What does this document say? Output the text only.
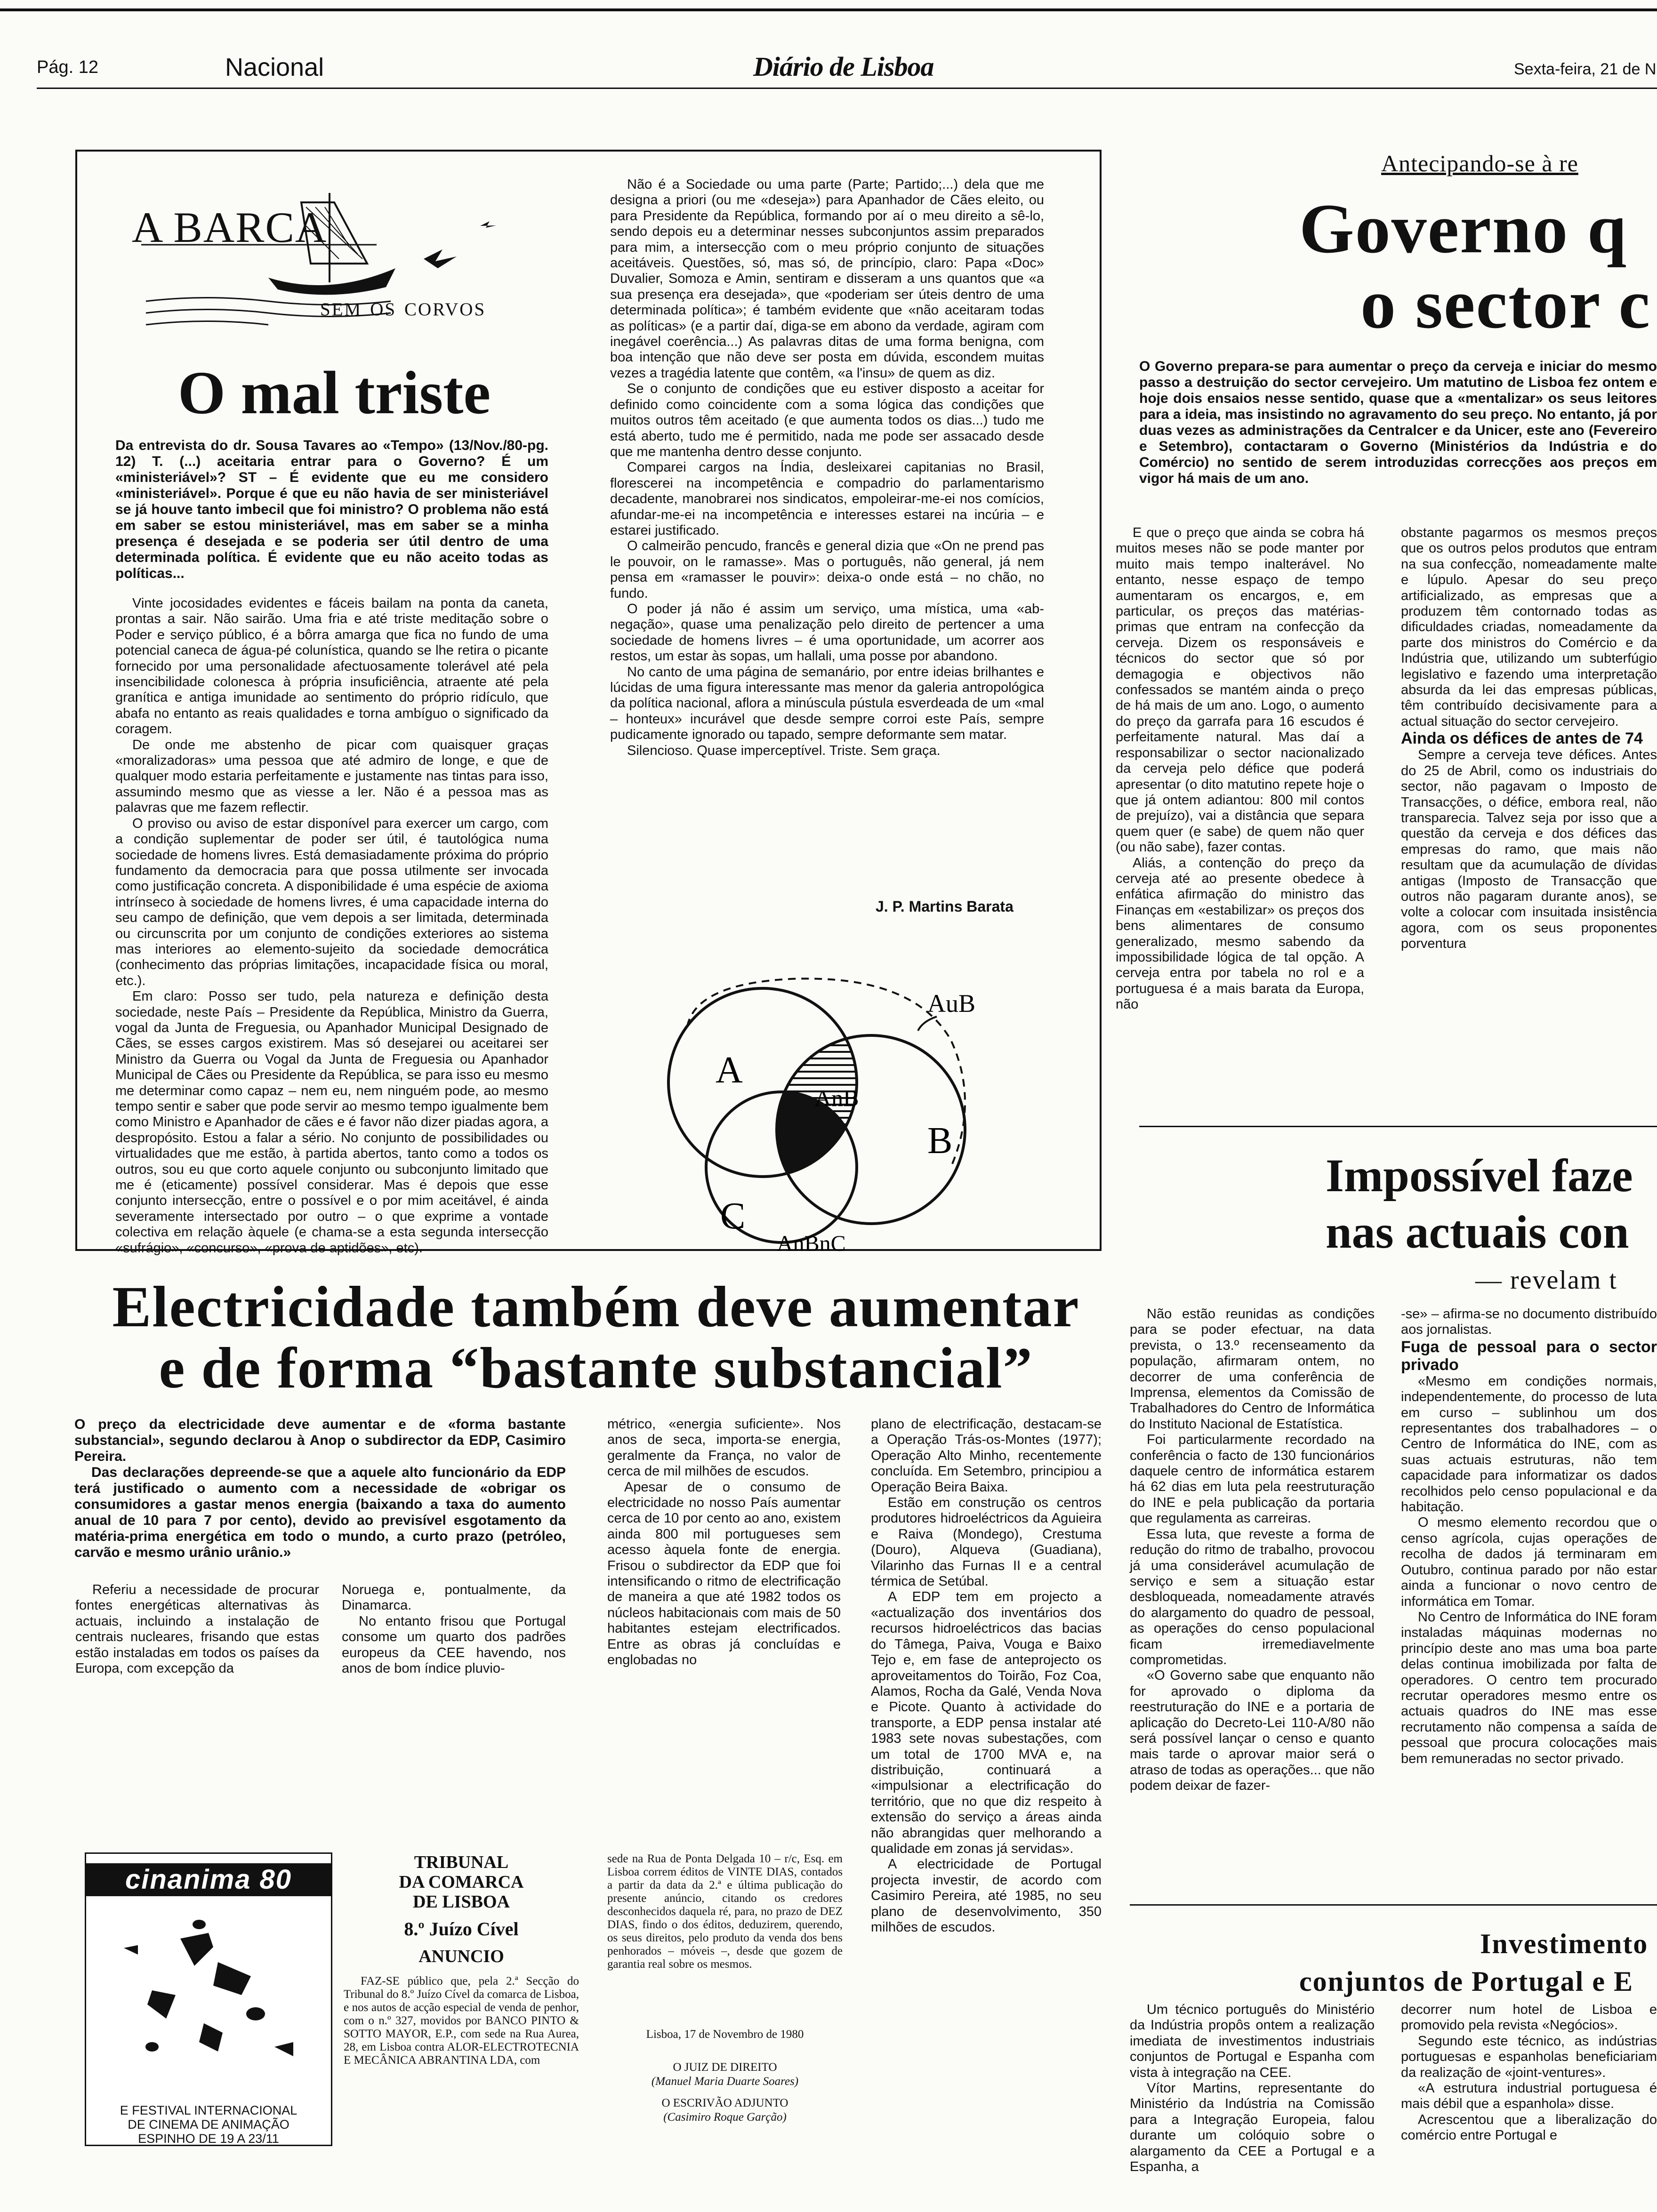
Pág. 12	Nacional	Diário de Lisboa	Sexta-feira, 21 de N
A BARCA
sem os corvos
O mal triste

Da entrevista do dr. Sousa Tavares ao «Tempo» (13/Nov./80-pg. 12) T. (...) aceitaria entrar para o Governo? É um «ministeriável»? ST – É evidente que eu me considero «ministeriável». Porque é que eu não havia de ser ministeriável se já houve tanto imbecil que foi ministro? O problema não está em saber se estou ministeriável, mas em saber se a minha presença é desejada e se poderia ser útil dentro de uma determinada política. É evidente que eu não aceito todas as políticas...

Vinte jocosidades evidentes e fáceis bailam na ponta da caneta, prontas a sair. Não sairão. Uma fria e até triste meditação sobre o Poder e serviço público, é a bôrra amarga que fica no fundo de uma potencial caneca de água-pé colunística, quando se lhe retira o picante fornecido por uma personalidade afectuosamente tolerável até pela insencibilidade colonesca à própria insuficiência, atraente até pela granítica e antiga imunidade ao sentimento do próprio ridículo, que abafa no entanto as reais qualidades e torna ambíguo o significado da coragem.

De onde me abstenho de picar com quaisquer graças «moralizadoras» uma pessoa que até admiro de longe, e que de qualquer modo estaria perfeitamente e justamente nas tintas para isso, assumindo mesmo que as viesse a ler. Não é a pessoa mas as palavras que me fazem reflectir.

O proviso ou aviso de estar disponível para exercer um cargo, com a condição suplementar de poder ser útil, é tautológica numa sociedade de homens livres. Está demasiadamente próxima do próprio fundamento da democracia para que possa utilmente ser invocada como justificação concreta. A disponibilidade é uma espécie de axioma intrínseco à sociedade de homens livres, é uma capacidade interna do seu campo de definição, que vem depois a ser limitada, determinada ou circunscrita por um conjunto de condições exteriores ao sistema mas interiores ao elemento-sujeito da sociedade democrática (conhecimento das próprias limitações, incapacidade física ou moral, etc.).

Em claro: Posso ser tudo, pela natureza e definição desta sociedade, neste País – Presidente da República, Ministro da Guerra, vogal da Junta de Freguesia, ou Apanhador Municipal Designado de Cães, se esses cargos existirem. Mas só desejarei ou aceitarei ser Ministro da Guerra ou Vogal da Junta de Freguesia ou Apanhador Municipal de Cães ou Presidente da República, se para isso eu mesmo me determinar como capaz – nem eu, nem ninguém pode, ao mesmo tempo sentir e saber que pode servir ao mesmo tempo igualmente bem como Ministro e Apanhador de cães e é favor não dizer piadas agora, a despropósito. Estou a falar a sério. No conjunto de possibilidades ou virtualidades que me estão, à partida abertos, tanto como a todos os outros, sou eu que corto aquele conjunto ou subconjunto limitado que me é (eticamente) possível considerar. Mas é depois que esse conjunto intersecção, entre o possível e o por mim aceitável, é ainda severamente intersectado por outro – o que exprime a vontade colectiva em relação àquele (e chama-se a esta segunda intersecção «sufrágio», «concurso», «prova de aptidões», etc).

Não é a Sociedade ou uma parte (Parte; Partido;...) dela que me designa a priori (ou me «deseja») para Apanhador de Cães eleito, ou para Presidente da República, formando por aí o meu direito a sê-lo, sendo depois eu a determinar nesses subconjuntos assim preparados para mim, a intersecção com o meu próprio conjunto de situações aceitáveis. Questões, só, mas só, de princípio, claro: Papa «Doc» Duvalier, Somoza e Amin, sentiram e disseram a uns quantos que «a sua presença era desejada», que «poderiam ser úteis dentro de uma determinada política»; é também evidente que «não aceitaram todas as políticas» (e a partir daí, diga-se em abono da verdade, agiram com inegável coerência...) As palavras ditas de uma forma benigna, com boa intenção que não deve ser posta em dúvida, escondem muitas vezes a tragédia latente que contêm, «a l'insu» de quem as diz.

Se o conjunto de condições que eu estiver disposto a aceitar for definido como coincidente com a soma lógica das condições que muitos outros têm aceitado (e que aumenta todos os dias...) tudo me está aberto, tudo me é permitido, nada me pode ser assacado desde que me mantenha dentro desse conjunto.

Comparei cargos na Índia, desleixarei capitanias no Brasil, florescerei na incompetência e compadrio do parlamentarismo decadente, manobrarei nos sindicatos, empoleirar-me-ei nos comícios, afundar-me-ei na incompetência e interesses estarei na incúria – e estarei justificado.

O calmeirão pencudo, francês e general dizia que «On ne prend pas le pouvoir, on le ramasse». Mas o português, não general, já nem pensa em «ramasser le pouvir»: deixa-o onde está – no chão, no fundo.

O poder já não é assim um serviço, uma mística, uma «ab-negação», quase uma penalização pelo direito de pertencer a uma sociedade de homens livres – é uma oportunidade, um acorrer aos restos, um estar às sopas, um hallali, uma posse por abandono.

No canto de uma página de semanário, por entre ideias brilhantes e lúcidas de uma figura interessante mas menor da galeria antropológica da política nacional, aflora a minúscula pústula esverdeada de um «mal – honteux» incurável que desde sempre corroi este País, sempre pudicamente ignorado ou tapado, sempre deformante sem matar.

Silencioso. Quase imperceptível. Triste. Sem graça.

J. P. Martins Barata
A
B
C
AuB
AnB
AnBnC
Antecipando-se à re
Governo q
o sector c

O Governo prepara-se para aumentar o preço da cerveja e iniciar do mesmo passo a destruição do sector cervejeiro. Um matutino de Lisboa fez ontem e hoje dois ensaios nesse sentido, quase que a «mentalizar» os seus leitores para a ideia, mas insistindo no agravamento do seu preço. No entanto, já por duas vezes as administrações da Centralcer e da Unicer, este ano (Fevereiro e Setembro), contactaram o Governo (Ministérios da Indústria e do Comércio) no sentido de serem introduzidas correcções aos preços em vigor há mais de um ano.

E que o preço que ainda se cobra há muitos meses não se pode manter por muito mais tempo inalterável. No entanto, nesse espaço de tempo aumentaram os encargos, e, em particular, os preços das matérias-primas que entram na confecção da cerveja. Dizem os responsáveis e técnicos do sector que só por demagogia e objectivos não confessados se mantém ainda o preço de há mais de um ano. Logo, o aumento do preço da garrafa para 16 escudos é perfeitamente natural. Mas daí a responsabilizar o sector nacionalizado da cerveja pelo défice que poderá apresentar (o dito matutino repete hoje o que já ontem adiantou: 800 mil contos de prejuízo), vai a distância que separa quem quer (e sabe) de quem não quer (ou não sabe), fazer contas.

Aliás, a contenção do preço da cerveja até ao presente obedece à enfática afirmação do ministro das Finanças em «estabilizar» os preços dos bens alimentares de consumo generalizado, mesmo sabendo da impossibilidade lógica de tal opção. A cerveja entra por tabela no rol e a portuguesa é a mais barata da Europa, não

obstante pagarmos os mesmos preços que os outros pelos produtos que entram na sua confecção, nomeadamente malte e lúpulo. Apesar do seu preço artificializado, as empresas que a produzem têm contornado todas as dificuldades criadas, nomeadamente da parte dos ministros do Comércio e da Indústria que, utilizando um subterfúgio legislativo e fazendo uma interpretação absurda da lei das empresas públicas, têm contribuído decisivamente para a actual situação do sector cervejeiro.

Ainda os défices de antes de 74

Sempre a cerveja teve défices. Antes do 25 de Abril, como os industriais do sector, não pagavam o Imposto de Transacções, o défice, embora real, não transparecia. Talvez seja por isso que a questão da cerveja e dos défices das empresas do ramo, que mais não resultam que da acumulação de dívidas antigas (Imposto de Transacção que outros não pagaram durante anos), se volte a colocar com insuitada insistência agora, com os seus proponentes porventura

Impossível faze
nas actuais con
— revelam t

Não estão reunidas as condições para se poder efectuar, na data prevista, o 13.º recenseamento da população, afirmaram ontem, no decorrer de uma conferência de Imprensa, elementos da Comissão de Trabalhadores do Centro de Informática do Instituto Nacional de Estatística.

Foi particularmente recordado na conferência o facto de 130 funcionários daquele centro de informática estarem há 62 dias em luta pela reestruturação do INE e pela publicação da portaria que regulamenta as carreiras.

Essa luta, que reveste a forma de redução do ritmo de trabalho, provocou já uma considerável acumulação de serviço e sem a situação estar desbloqueada, nomeadamente através do alargamento do quadro de pessoal, as operações do censo populacional ficam irremediavelmente comprometidas.

«O Governo sabe que enquanto não for aprovado o diploma da reestruturação do INE e a portaria de aplicação do Decreto-Lei 110-A/80 não será possível lançar o censo e quanto mais tarde o aprovar maior será o atraso de todas as operações... que não podem deixar de fazer-

-se» – afirma-se no documento distribuído aos jornalistas.

Fuga de pessoal para o sector privado

«Mesmo em condições normais, independentemente, do processo de luta em curso – sublinhou um dos representantes dos trabalhadores – o Centro de Informática do INE, com as suas actuais estruturas, não tem capacidade para informatizar os dados recolhidos pelo censo populacional e da habitação.

O mesmo elemento recordou que o censo agrícola, cujas operações de recolha de dados já terminaram em Outubro, continua parado por não estar ainda a funcionar o novo centro de informática em Tomar.

No Centro de Informática do INE foram instaladas máquinas modernas no princípio deste ano mas uma boa parte delas continua imobilizada por falta de operadores. O centro tem procurado recrutar operadores mesmo entre os actuais quadros do INE mas esse recrutamento não compensa a saída de pessoal que procura colocações mais bem remuneradas no sector privado.

Investimento
conjuntos de Portugal e E

Um técnico português do Ministério da Indústria propôs ontem a realização imediata de investimentos industriais conjuntos de Portugal e Espanha com vista à integração na CEE.

Vítor Martins, representante do Ministério da Indústria na Comissão para a Integração Europeia, falou durante um colóquio sobre o alargamento da CEE a Portugal e a Espanha, a

decorrer num hotel de Lisboa e promovido pela revista «Negócios».

Segundo este técnico, as indústrias portuguesas e espanholas beneficiariam da realização de «joint-ventures».

«A estrutura industrial portuguesa é mais débil que a espanhola» disse.

Acrescentou que a liberalização do comércio entre Portugal e

Electricidade também deve aumentar
e de forma “bastante substancial”

O preço da electricidade deve aumentar e de «forma bastante substancial», segundo declarou à Anop o subdirector da EDP, Casimiro Pereira.

Das declarações depreende-se que a aquele alto funcionário da EDP terá justificado o aumento com a necessidade de «obrigar os consumidores a gastar menos energia (baixando a taxa do aumento anual de 10 para 7 por cento), devido ao previsível esgotamento da matéria-prima energética em todo o mundo, a curto prazo (petróleo, carvão e mesmo urânio urânio.»

Referiu a necessidade de procurar fontes energéticas alternativas às actuais, incluindo a instalação de centrais nucleares, frisando que estas estão instaladas em todos os países da Europa, com excepção da

Noruega e, pontualmente, da Dinamarca.

No entanto frisou que Portugal consome um quarto dos padrões europeus da CEE havendo, nos anos de bom índice pluvio-

métrico, «energia suficiente». Nos anos de seca, importa-se energia, geralmente da França, no valor de cerca de mil milhões de escudos.

Apesar de o consumo de electricidade no nosso País aumentar cerca de 10 por cento ao ano, existem ainda 800 mil portugueses sem acesso àquela fonte de energia. Frisou o subdirector da EDP que foi intensificando o ritmo de electrificação de maneira a que até 1982 todos os núcleos habitacionais com mais de 50 habitantes estejam electrificados. Entre as obras já concluídas e englobadas no

plano de electrificação, destacam-se a Operação Trás-os-Montes (1977); Operação Alto Minho, recentemente concluída. Em Setembro, principiou a Operação Beira Baixa.

Estão em construção os centros produtores hidroeléctricos da Aguieira e Raiva (Mondego), Crestuma (Douro), Alqueva (Guadiana), Vilarinho das Furnas II e a central térmica de Setúbal.

A EDP tem em projecto a «actualização dos inventários dos recursos hidroeléctricos das bacias do Tâmega, Paiva, Vouga e Baixo Tejo e, em fase de anteprojecto os aproveitamentos do Toirão, Foz Coa, Alamos, Rocha da Galé, Venda Nova e Picote. Quanto à actividade do transporte, a EDP pensa instalar até 1983 sete novas subestações, com um total de 1700 MVA e, na distribuição, continuará a «impulsionar a electrificação do território, que no que diz respeito à extensão do serviço a áreas ainda não abrangidas quer melhorando a qualidade em zonas já servidas».

A electricidade de Portugal projecta investir, de acordo com Casimiro Pereira, até 1985, no seu plano de desenvolvimento, 350 milhões de escudos.

cinanima 80
E FESTIVAL INTERNACIONAL
DE CINEMA DE ANIMAÇÃO
ESPINHO DE 19 A 23/11
TRIBUNAL
DA COMARCA
DE LISBOA
8.º Juízo Cível
ANUNCIO

FAZ-SE público que, pela 2.ª Secção do Tribunal do 8.º Juízo Cível da comarca de Lisboa, e nos autos de acção especial de venda de penhor, com o n.º 327, movidos por BANCO PINTO & SOTTO MAYOR, E.P., com sede na Rua Aurea, 28, em Lisboa contra ALOR-ELECTROTECNIA E MECÂNICA ABRANTINA LDA, com

sede na Rua de Ponta Delgada 10 – r/c, Esq. em Lisboa correm éditos de VINTE DIAS, contados a partir da data da 2.ª e última publicação do presente anúncio, citando os credores desconhecidos daquela ré, para, no prazo de DEZ DIAS, findo o dos éditos, deduzirem, querendo, os seus direitos, pelo produto da venda dos bens penhorados – móveis –, desde que gozem de garantia real sobre os mesmos.

Lisboa, 17 de Novembro de 1980
O JUIZ DE DIREITO
(Manuel Maria Duarte Soares)
O ESCRIVÃO ADJUNTO
(Casimiro Roque Garção)
